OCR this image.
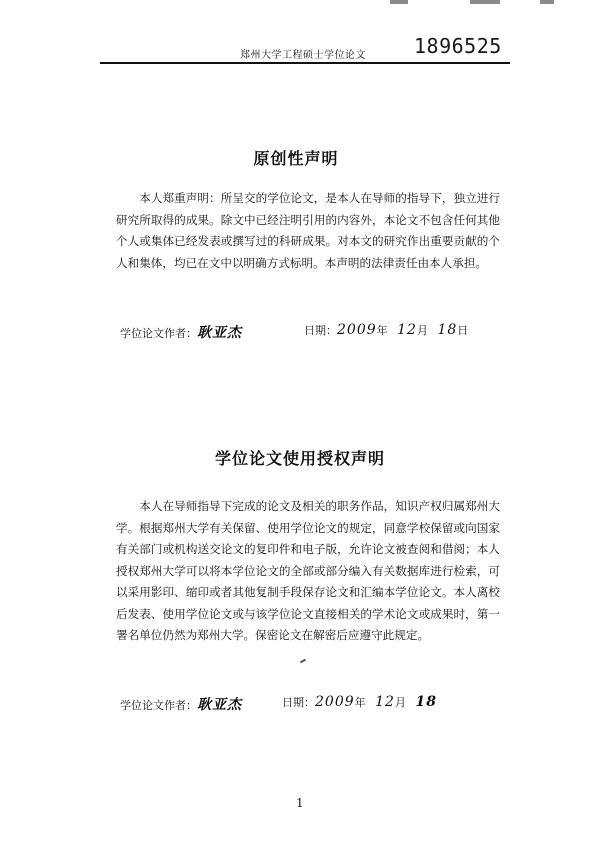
郑州大学工程硕士学位论文 1896525
原创性声明

本人郑重声明：所呈交的学位论文，是本人在导师的指导下，独立进行研究所取得的成果。除文中已经注明引用的内容外，本论文不包含任何其他个人或集体已经发表或撰写过的科研成果。对本文的研究作出重要贡献的个人和集体，均已在文中以明确方式标明。本声明的法律责任由本人承担。

学位论文作者：耿亚杰	日期：2009年 12月 18日
学位论文使用授权声明

本人在导师指导下完成的论文及相关的职务作品，知识产权归属郑州大学。根据郑州大学有关保留、使用学位论文的规定，同意学校保留或向国家有关部门或机构送交论文的复印件和电子版，允许论文被查阅和借阅；本人授权郑州大学可以将本学位论文的全部或部分编入有关数据库进行检索，可以采用影印、缩印或者其他复制手段保存论文和汇编本学位论文。本人离校后发表、使用学位论文或与该学位论文直接相关的学术论文或成果时，第一署名单位仍然为郑州大学。保密论文在解密后应遵守此规定。

学位论文作者：耿亚杰	日期：2009年 12月 18
1
